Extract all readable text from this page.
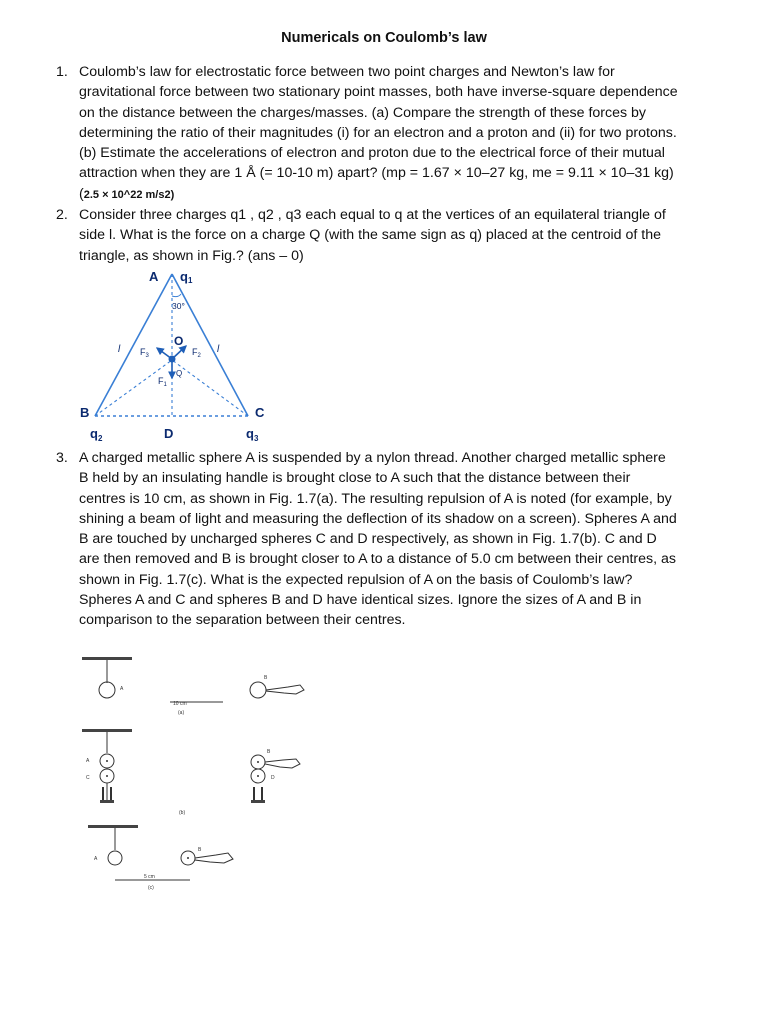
Numericals on Coulomb’s law
1. Coulomb’s law for electrostatic force between two point charges and Newton’s law for gravitational force between two stationary point masses, both have inverse-square dependence on the distance between the charges/masses. (a) Compare the strength of these forces by determining the ratio of their magnitudes (i) for an electron and a proton and (ii) for two protons. (b) Estimate the accelerations of electron and proton due to the electrical force of their mutual attraction when they are 1 Å (= 10-10 m) apart? (mp = 1.67 × 10–27 kg, me = 9.11 × 10–31 kg) (2.5 × 10^22 m/s2)
2. Consider three charges q1 , q2 , q3 each equal to q at the vertices of an equilateral triangle of side l. What is the force on a charge Q (with the same sign as q) placed at the centroid of the triangle, as shown in Fig.? (ans – 0)
A q1
30°
O
Q
l	l
$F_3$	$F_2$
$F_1$
B	C
D
$q_2$	$q_3$
3. A charged metallic sphere A is suspended by a nylon thread. Another charged metallic sphere B held by an insulating handle is brought close to A such that the distance between their centres is 10 cm, as shown in Fig. 1.7(a). The resulting repulsion of A is noted (for example, by shining a beam of light and measuring the deflection of its shadow on a screen). Spheres A and B are touched by uncharged spheres C and D respectively, as shown in Fig. 1.7(b). C and D are then removed and B is brought closer to A to a distance of 5.0 cm between their centres, as shown in Fig. 1.7(c). What is the expected repulsion of A on the basis of Coulomb’s law? Spheres A and C and spheres B and D have identical sizes. Ignore the sizes of A and B in comparison to the separation between their centres.
A
B
10 cm
(a)
A
C
B
D
(b)
A
B
5 cm
(c)
